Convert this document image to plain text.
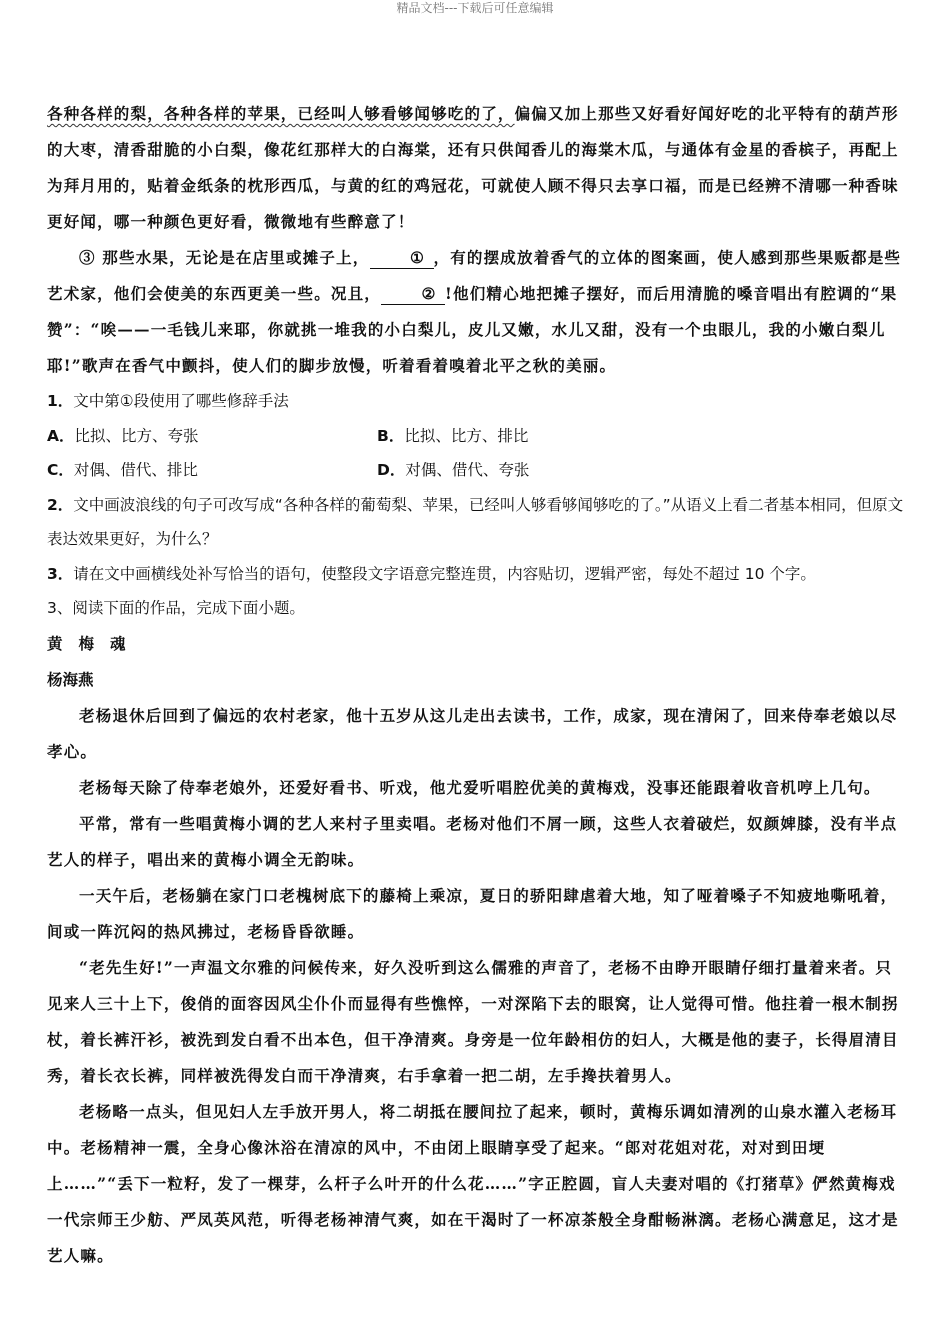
精品文档---下载后可任意编辑

各种各样的梨，各种各样的苹果，已经叫人够看够闻够吃的了，偏偏又加上那些又好看好闻好吃的北平特有的葫芦形的大枣，清香甜脆的小白梨，像花红那样大的白海棠，还有只供闻香儿的海棠木瓜，与通体有金星的香槟子，再配上为拜月用的，贴着金纸条的枕形西瓜，与黄的红的鸡冠花，可就使人顾不得只去享口福，而是已经辨不清哪一种香味更好闻，哪一种颜色更好看，微微地有些醉意了！

③ 那些水果，无论是在店里或摊子上，	① ，有的摆成放着香气的立体的图案画，使人感到那些果贩都是些艺术家，他们会使美的东西更美一些。况且，	② !他们精心地把摊子摆好，而后用清脆的嗓音唱出有腔调的“果赞”：“唉——一毛钱儿来耶，你就挑一堆我的小白梨儿，皮儿又嫩，水儿又甜，没有一个虫眼儿，我的小嫩白梨儿耶!”歌声在香气中颤抖，使人们的脚步放慢，听着看着嗅着北平之秋的美丽。

1．文中第①段使用了哪些修辞手法

A．比拟、比方、夸张	B．比拟、比方、排比
C．对偶、借代、排比	D．对偶、借代、夸张

2．文中画波浪线的句子可改写成“各种各样的葡萄梨、苹果，已经叫人够看够闻够吃的了。”从语义上看二者基本相同，但原文表达效果更好，为什么？

3．请在文中画横线处补写恰当的语句，使整段文字语意完整连贯，内容贴切，逻辑严密，每处不超过 10 个字。

3、阅读下面的作品，完成下面小题。

黄梅魂

杨海燕

老杨退休后回到了偏远的农村老家，他十五岁从这儿走出去读书，工作，成家，现在清闲了，回来侍奉老娘以尽孝心。

老杨每天除了侍奉老娘外，还爱好看书、听戏，他尤爱听唱腔优美的黄梅戏，没事还能跟着收音机哼上几句。

平常，常有一些唱黄梅小调的艺人来村子里卖唱。老杨对他们不屑一顾，这些人衣着破烂，奴颜婢膝，没有半点艺人的样子，唱出来的黄梅小调全无韵味。

一天午后，老杨躺在家门口老槐树底下的藤椅上乘凉，夏日的骄阳肆虐着大地，知了哑着嗓子不知疲地嘶吼着，间或一阵沉闷的热风拂过，老杨昏昏欲睡。

“老先生好!”一声温文尔雅的问候传来，好久没听到这么儒雅的声音了，老杨不由睁开眼睛仔细打量着来者。只见来人三十上下，俊俏的面容因风尘仆仆而显得有些憔悴，一对深陷下去的眼窝，让人觉得可惜。他拄着一根木制拐杖，着长裤汗衫，被洗到发白看不出本色，但干净清爽。身旁是一位年龄相仿的妇人，大概是他的妻子，长得眉清目秀，着长衣长裤，同样被洗得发白而干净清爽，右手拿着一把二胡，左手搀扶着男人。

老杨略一点头，但见妇人左手放开男人，将二胡抵在腰间拉了起来，顿时，黄梅乐调如清冽的山泉水灌入老杨耳中。老杨精神一震，全身心像沐浴在清凉的风中，不由闭上眼睛享受了起来。“郎对花姐对花，对对到田埂上……”“丢下一粒籽，发了一棵芽，么杆子么叶开的什么花……”字正腔圆，盲人夫妻对唱的《打猪草》俨然黄梅戏一代宗师王少舫、严凤英风范，听得老杨神清气爽，如在干渴时了一杯凉茶般全身酣畅淋漓。老杨心满意足，这才是艺人嘛。
